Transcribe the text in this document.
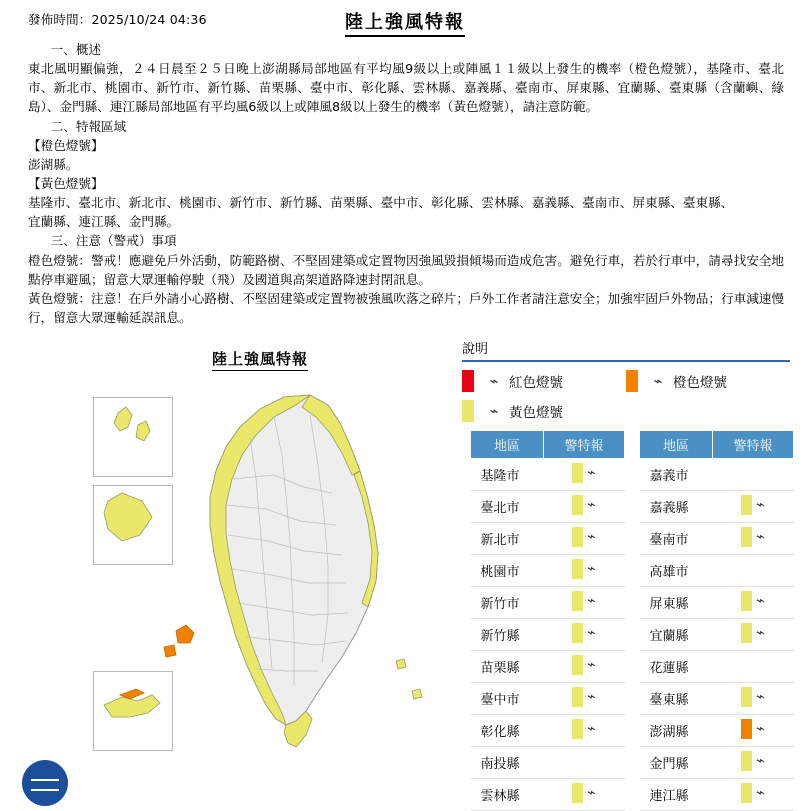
發佈時間：2025/10/24 04:36	陸上強風特報

一、概述

東北風明顯偏強，２４日晨至２５日晚上澎湖縣局部地區有平均風9級以上或陣風１１級以上發生的機率（橙色燈號），基隆市、臺北市、新北市、桃園市、新竹市、新竹縣、苗栗縣、臺中市、彰化縣、雲林縣、嘉義縣、臺南市、屏東縣、宜蘭縣、臺東縣（含蘭嶼、綠島）、金門縣、連江縣局部地區有平均風6級以上或陣風8級以上發生的機率（黃色燈號），請注意防範。

二、特報區域

【橙色燈號】

澎湖縣。

【黃色燈號】

基隆市、臺北市、新北市、桃園市、新竹市、新竹縣、苗栗縣、臺中市、彰化縣、雲林縣、嘉義縣、臺南市、屏東縣、臺東縣、

宜蘭縣、連江縣、金門縣。

三、注意（警戒）事項

橙色燈號：警戒！應避免戶外活動，防範路樹、不堅固建築或定置物因強風毀損傾場而造成危害。避免行車，若於行車中，請尋找安全地點停車避風；留意大眾運輸停駛（飛）及國道與高架道路降速封閉訊息。

黃色燈號：注意！在戶外請小心路樹、不堅固建築或定置物被強風吹落之碎片；戶外工作者請注意安全；加強牢固戶外物品；行車減速慢行，留意大眾運輸延誤訊息。

陸上強風特報
說明
⌁ 紅色燈號	⌁ 橙色燈號
⌁ 黃色燈號
地區	警特報
基隆市	⌁

臺北市	⌁

新北市	⌁

桃園市	⌁

新竹市	⌁

新竹縣	⌁

苗栗縣	⌁

臺中市	⌁

彰化縣	⌁

南投縣	
雲林縣	⌁
地區	警特報
嘉義市	
嘉義縣	⌁

臺南市	⌁

高雄市	
屏東縣	⌁

宜蘭縣	⌁

花蓮縣	
臺東縣	⌁

澎湖縣	⌁

金門縣	⌁

連江縣	⌁
